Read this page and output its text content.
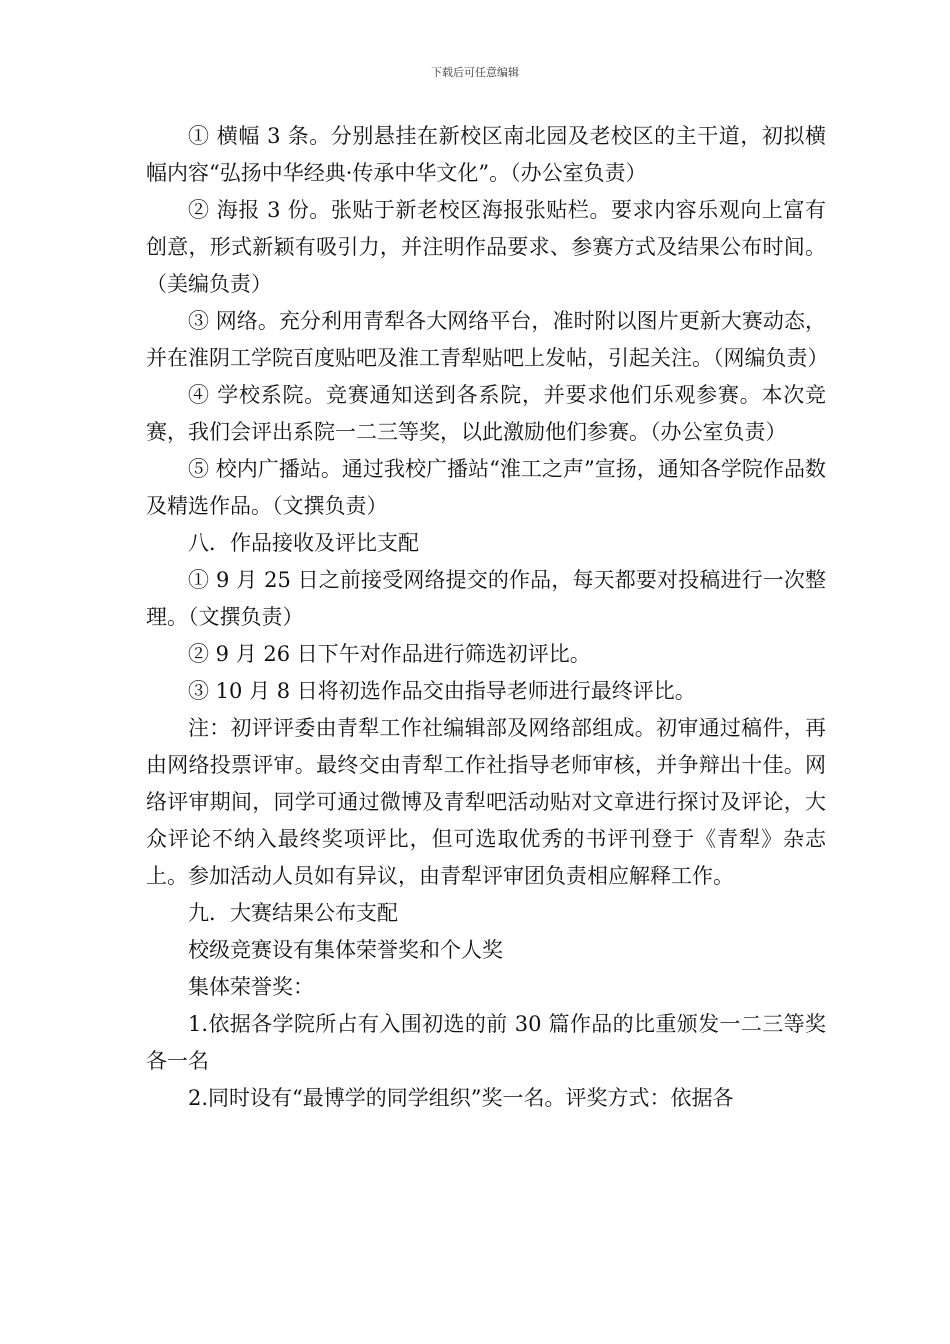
下载后可任意编辑

① 横幅 3 条。分别悬挂在新校区南北园及老校区的主干道，初拟横幅内容“弘扬中华经典·传承中华文化”。（办公室负责）

② 海报 3 份。张贴于新老校区海报张贴栏。要求内容乐观向上富有创意，形式新颖有吸引力，并注明作品要求、参赛方式及结果公布时间。（美编负责）

③ 网络。充分利用青犁各大网络平台，准时附以图片更新大赛动态，并在淮阴工学院百度贴吧及淮工青犁贴吧上发帖，引起关注。（网编负责）

④ 学校系院。竞赛通知送到各系院，并要求他们乐观参赛。本次竞赛，我们会评出系院一二三等奖，以此激励他们参赛。（办公室负责）

⑤ 校内广播站。通过我校广播站“淮工之声”宣扬，通知各学院作品数及精选作品。（文撰负责）

八．作品接收及评比支配

① 9 月 25 日之前接受网络提交的作品，每天都要对投稿进行一次整理。（文撰负责）

② 9 月 26 日下午对作品进行筛选初评比。

③ 10 月 8 日将初选作品交由指导老师进行最终评比。

注：初评评委由青犁工作社编辑部及网络部组成。初审通过稿件，再由网络投票评审。最终交由青犁工作社指导老师审核，并争辩出十佳。网络评审期间，同学可通过微博及青犁吧活动贴对文章进行探讨及评论，大众评论不纳入最终奖项评比，但可选取优秀的书评刊登于《青犁》杂志上。参加活动人员如有异议，由青犁评审团负责相应解释工作。

九．大赛结果公布支配

校级竞赛设有集体荣誉奖和个人奖

集体荣誉奖：

1.依据各学院所占有入围初选的前 30 篇作品的比重颁发一二三等奖各一名

2.同时设有“最博学的同学组织”奖一名。评奖方式：依据各
